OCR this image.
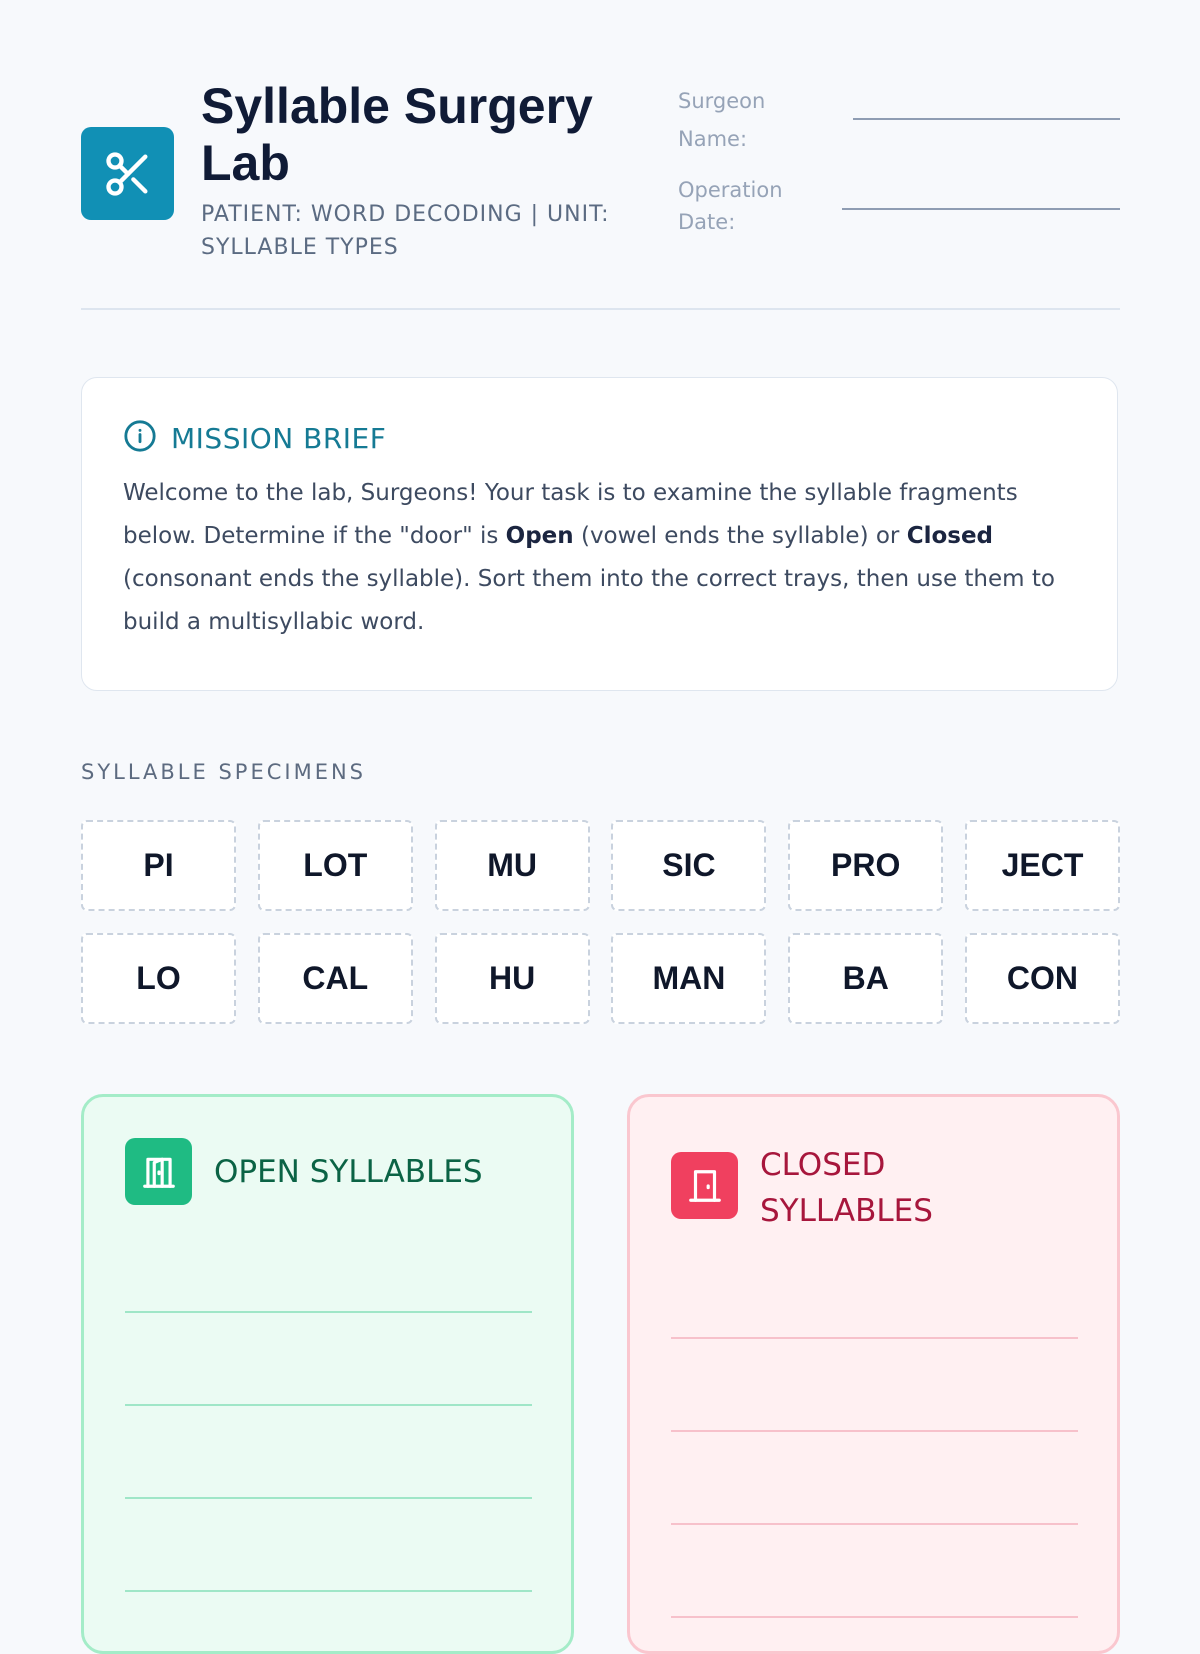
Syllable Surgery Lab
PATIENT: WORD DECODING | UNIT: SYLLABLE TYPES
Surgeon Name:
Operation Date:
MISSION BRIEF
Welcome to the lab, Surgeons! Your task is to examine the syllable fragments below. Determine if the "door" is Open (vowel ends the syllable) or Closed (consonant ends the syllable). Sort them into the correct trays, then use them to build a multisyllabic word.
SYLLABLE SPECIMENS
PI	LOT	MU	SIC	PRO	JECT
LO	CAL	HU	MAN	BA	CON
OPEN SYLLABLES	CLOSED SYLLABLES
